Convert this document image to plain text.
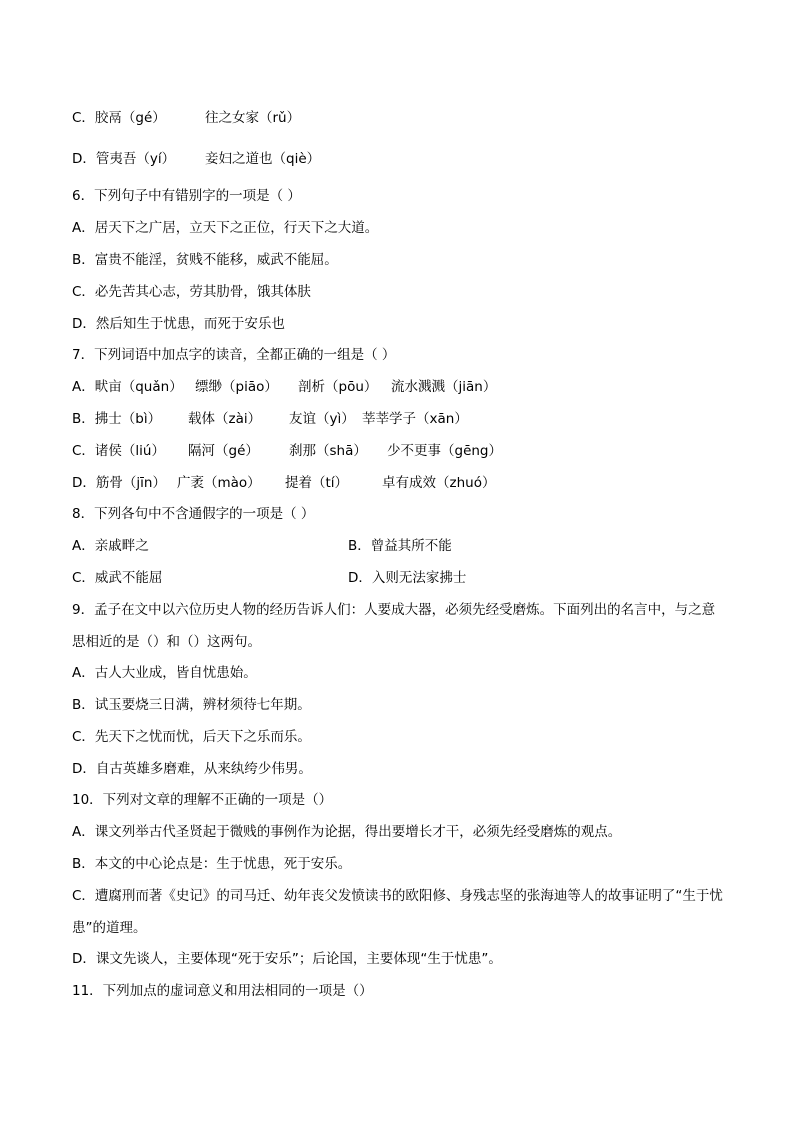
C．胶鬲（gé）	往之女家（rǔ）
D．管夷吾（yí） 妾妇之道也（qiè）
6．下列句子中有错别字的一项是（ ）
A．居天下之广居，立天下之正位，行天下之大道。
B．富贵不能淫，贫贱不能移，威武不能屈。
C．必先苦其心志，劳其肋骨，饿其体肤
D．然后知生于忧患，而死于安乐也
7．下列词语中加点字的读音，全都正确的一组是（ ）
A．畎亩（quǎn） 缥缈（piāo） 剖析（pōu） 流水溅溅（jiān）
B．拂士（bì） 载体（zài） 友谊（yì） 莘莘学子（xān）
C．诸侯（liú） 隔河（gé） 刹那（shā） 少不更事（gēng）
D．筋骨（jīn） 广袤（mào） 提着（tí）	卓有成效（zhuó）
8．下列各句中不含通假字的一项是（ ）
A．亲戚畔之	B．曾益其所不能
C．威武不能屈	D．入则无法家拂士
9．孟子在文中以六位历史人物的经历告诉人们：人要成大器，必须先经受磨炼。下面列出的名言中，与之意思相近的是（）和（）这两句。
A．古人大业成，皆自忧患始。
B．试玉要烧三日满，辨材须待七年期。
C．先天下之忧而忧，后天下之乐而乐。
D．自古英雄多磨难，从来纨绔少伟男。
10．下列对文章的理解不正确的一项是（）
A．课文列举古代圣贤起于微贱的事例作为论据，得出要增长才干，必须先经受磨炼的观点。
B．本文的中心论点是：生于忧患，死于安乐。
C．遭腐刑而著《史记》的司马迁、幼年丧父发愤读书的欧阳修、身残志坚的张海迪等人的故事证明了“生于忧患”的道理。
D．课文先谈人，主要体现“死于安乐”；后论国，主要体现“生于忧患”。
11．下列加点的虚词意义和用法相同的一项是（）
